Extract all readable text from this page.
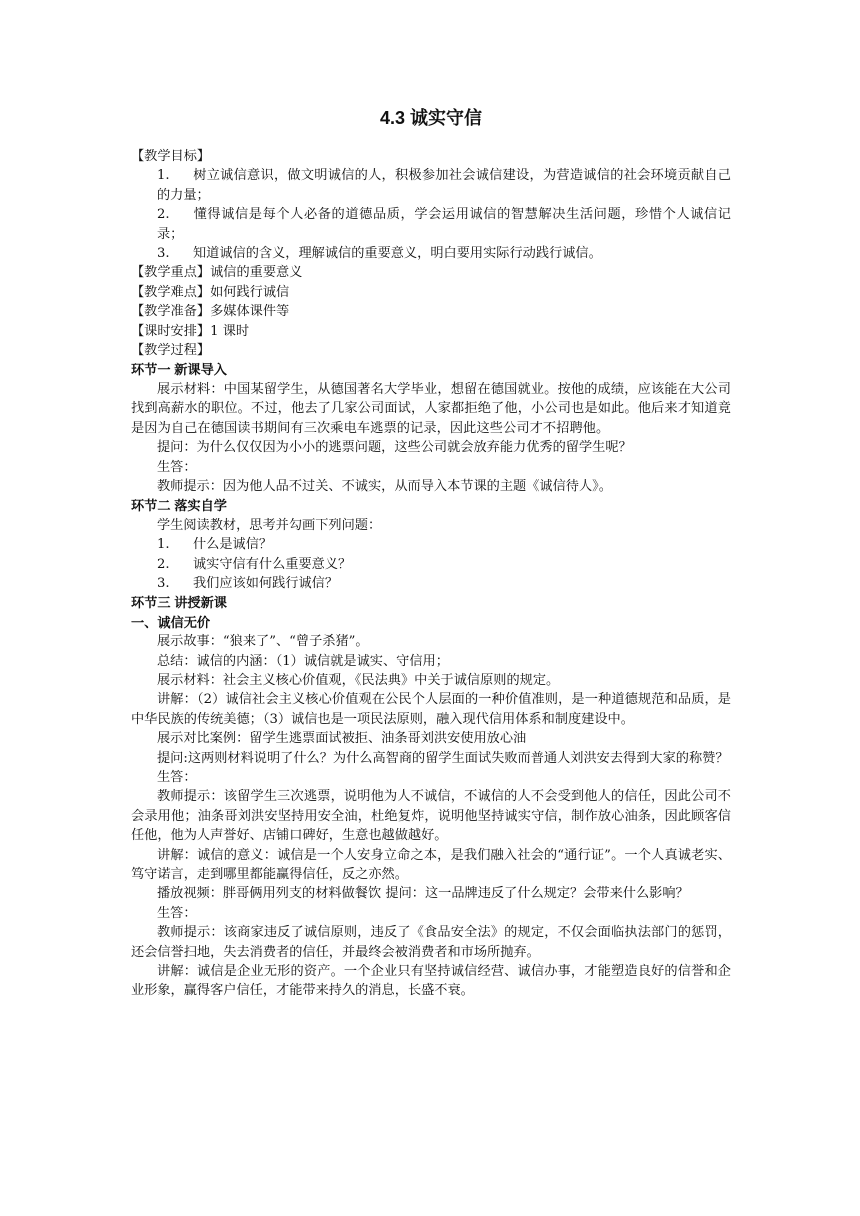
4.3 诚实守信

【教学目标】

1. 树立诚信意识，做文明诚信的人，积极参加社会诚信建设，为营造诚信的社会环境贡献自己的力量；

2. 懂得诚信是每个人必备的道德品质，学会运用诚信的智慧解决生活问题，珍惜个人诚信记录；

3. 知道诚信的含义，理解诚信的重要意义，明白要用实际行动践行诚信。

【教学重点】诚信的重要意义

【教学难点】如何践行诚信

【教学准备】多媒体课件等

【课时安排】1 课时

【教学过程】

环节一 新课导入

展示材料：中国某留学生，从德国著名大学毕业，想留在德国就业。按他的成绩，应该能在大公司找到高薪水的职位。不过，他去了几家公司面试，人家都拒绝了他，小公司也是如此。他后来才知道竟是因为自己在德国读书期间有三次乘电车逃票的记录，因此这些公司才不招聘他。

提问：为什么仅仅因为小小的逃票问题，这些公司就会放弃能力优秀的留学生呢？

生答：

教师提示：因为他人品不过关、不诚实，从而导入本节课的主题《诚信待人》。

环节二 落实自学

学生阅读教材，思考并勾画下列问题：

1. 什么是诚信？

2. 诚实守信有什么重要意义？

3. 我们应该如何践行诚信？

环节三 讲授新课

一、诚信无价

展示故事：“狼来了”、“曾子杀猪”。

总结：诚信的内涵：（1）诚信就是诚实、守信用；

展示材料：社会主义核心价值观，《民法典》中关于诚信原则的规定。

讲解：（2）诚信社会主义核心价值观在公民个人层面的一种价值准则，是一种道德规范和品质，是中华民族的传统美德；（3）诚信也是一项民法原则，融入现代信用体系和制度建设中。

展示对比案例：留学生逃票面试被拒、油条哥刘洪安使用放心油

提问:这两则材料说明了什么？为什么高智商的留学生面试失败而普通人刘洪安去得到大家的称赞？

生答：

教师提示：该留学生三次逃票，说明他为人不诚信，不诚信的人不会受到他人的信任，因此公司不会录用他；油条哥刘洪安坚持用安全油，杜绝复炸，说明他坚持诚实守信，制作放心油条，因此顾客信任他，他为人声誉好、店铺口碑好，生意也越做越好。

讲解：诚信的意义：诚信是一个人安身立命之本，是我们融入社会的“通行证”。一个人真诚老实、笃守诺言，走到哪里都能赢得信任，反之亦然。

播放视频：胖哥俩用列支的材料做餐饮 提问：这一品牌违反了什么规定？会带来什么影响？

生答：

教师提示：该商家违反了诚信原则，违反了《食品安全法》的规定，不仅会面临执法部门的惩罚，还会信誉扫地，失去消费者的信任，并最终会被消费者和市场所抛弃。

讲解：诚信是企业无形的资产。一个企业只有坚持诚信经营、诚信办事，才能塑造良好的信誉和企业形象，赢得客户信任，才能带来持久的消息，长盛不衰。
